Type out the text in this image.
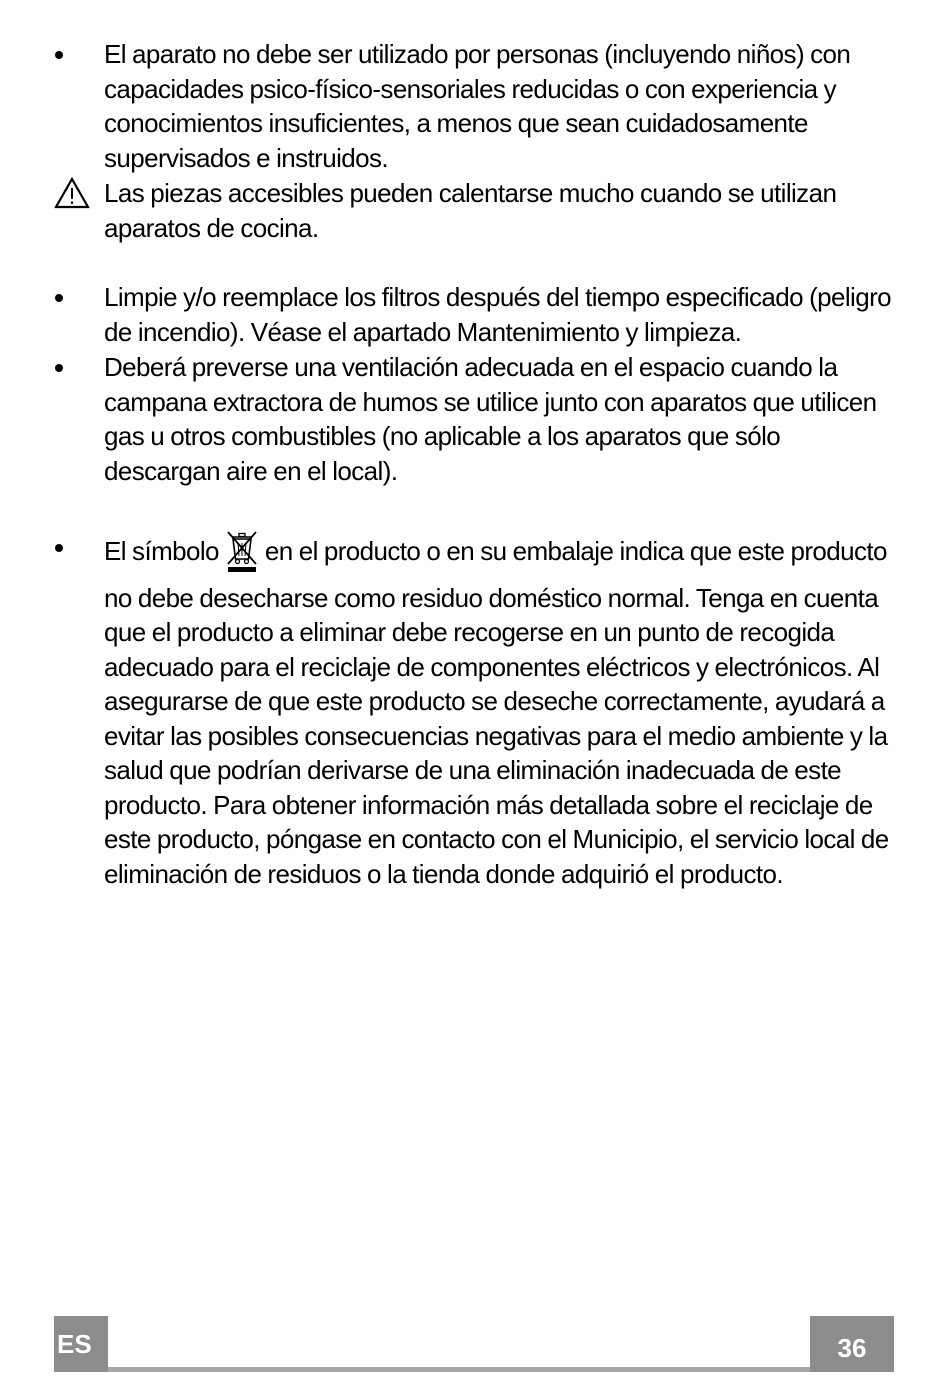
El aparato no debe ser utilizado por personas (incluyendo niños) con capacidades psico-físico-sensoriales reducidas o con experiencia y conocimientos insuficientes, a menos que sean cuidadosamente supervisados e instruidos.
Las piezas accesibles pueden calentarse mucho cuando se utilizan aparatos de cocina.
Limpie y/o reemplace los filtros después del tiempo especificado (peligro de incendio). Véase el apartado Mantenimiento y limpieza.
Deberá preverse una ventilación adecuada en el espacio cuando la campana extractora de humos se utilice junto con aparatos que utilicen gas u otros combustibles (no aplicable a los aparatos que sólo descargan aire en el local).
El símbolo en el producto o en su embalaje indica que este producto no debe desecharse como residuo doméstico normal. Tenga en cuenta que el producto a eliminar debe recogerse en un punto de recogida adecuado para el reciclaje de componentes eléctricos y electrónicos. Al asegurarse de que este producto se deseche correctamente, ayudará a evitar las posibles consecuencias negativas para el medio ambiente y la salud que podrían derivarse de una eliminación inadecuada de este producto. Para obtener información más detallada sobre el reciclaje de este producto, póngase en contacto con el Municipio, el servicio local de eliminación de residuos o la tienda donde adquirió el producto.
ES	36
